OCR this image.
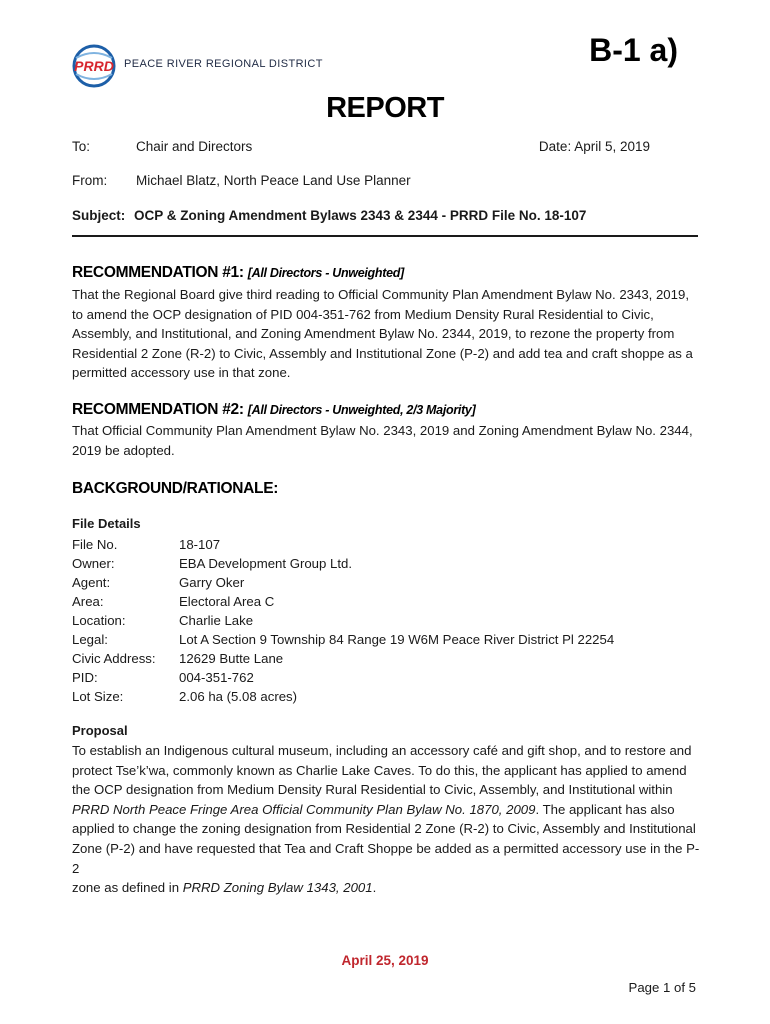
PRRD PEACE RIVER REGIONAL DISTRICT	B-1 a)
REPORT
To:	Chair and Directors	Date: April 5, 2019
From: Michael Blatz, North Peace Land Use Planner
Subject: OCP & Zoning Amendment Bylaws 2343 & 2344 - PRRD File No. 18-107
RECOMMENDATION #1: [All Directors - Unweighted]
That the Regional Board give third reading to Official Community Plan Amendment Bylaw No. 2343, 2019,
to amend the OCP designation of PID 004-351-762 from Medium Density Rural Residential to Civic,
Assembly, and Institutional, and Zoning Amendment Bylaw No. 2344, 2019, to rezone the property from
Residential 2 Zone (R-2) to Civic, Assembly and Institutional Zone (P-2) and add tea and craft shoppe as a
permitted accessory use in that zone.
RECOMMENDATION #2: [All Directors - Unweighted, 2/3 Majority]
That Official Community Plan Amendment Bylaw No. 2343, 2019 and Zoning Amendment Bylaw No. 2344,
2019 be adopted.
BACKGROUND/RATIONALE:
File Details
File No.	18-107
Owner:	EBA Development Group Ltd.
Agent:	Garry Oker
Area:	Electoral Area C
Location:	Charlie Lake
Legal:	Lot A Section 9 Township 84 Range 19 W6M Peace River District Pl 22254
Civic Address: 12629 Butte Lane
PID:	004-351-762
Lot Size:	2.06 ha (5.08 acres)
Proposal
To establish an Indigenous cultural museum, including an accessory café and gift shop, and to restore and
protect Tse’k’wa, commonly known as Charlie Lake Caves. To do this, the applicant has applied to amend
the OCP designation from Medium Density Rural Residential to Civic, Assembly, and Institutional within
PRRD North Peace Fringe Area Official Community Plan Bylaw No. 1870, 2009. The applicant has also
applied to change the zoning designation from Residential 2 Zone (R-2) to Civic, Assembly and Institutional
Zone (P-2) and have requested that Tea and Craft Shoppe be added as a permitted accessory use in the P-2
zone as defined in PRRD Zoning Bylaw 1343, 2001.
April 25, 2019
Page 1 of 5
